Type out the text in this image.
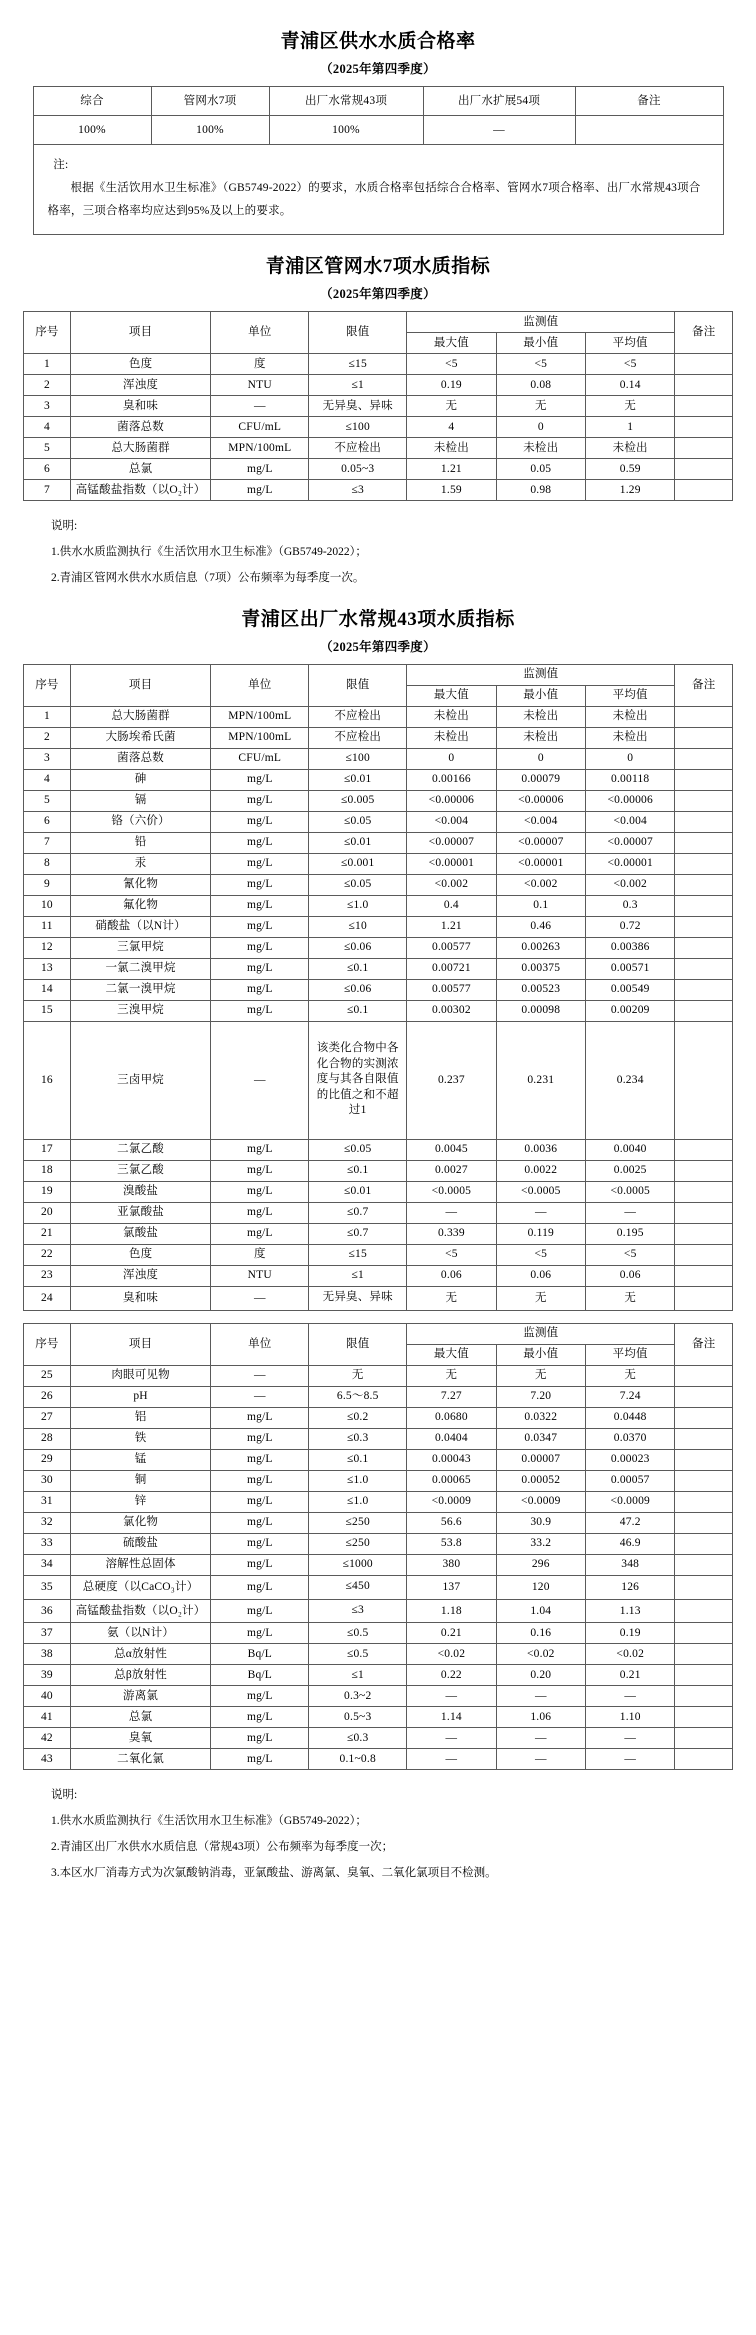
青浦区供水水质合格率
（2025年第四季度）
综合	管网水7项	出厂水常规43项	出厂水扩展54项	备注
100%	100%	100%	—	

注:
根据《生活饮用水卫生标准》（GB5749-2022）的要求，水质合格率包括综合合格率、管网水7项合格率、出厂水常规43项合格率，三项合格率均应达到95%及以上的要求。				
青浦区管网水7项水质指标
（2025年第四季度）
序号	项目	单位	限值	监测值			备注
				最大值	最小值	平均值	
1	色度	度	≤15	<5	<5	<5	
2	浑浊度	NTU	≤1	0.19	0.08	0.14	
3	臭和味	—	无异臭、异味	无	无	无	
4	菌落总数	CFU/mL	≤100	4	0	1	
5	总大肠菌群	MPN/100mL	不应检出	未检出	未检出	未检出	
6	总氯	mg/L	0.05~3	1.21	0.05	0.59	
7	高锰酸盐指数（以O₂计）	mg/L	≤3	1.59	0.98	1.29	
说明:
1.供水水质监测执行《生活饮用水卫生标准》（GB5749-2022）；
2.青浦区管网水供水水质信息（7项）公布频率为每季度一次。
青浦区出厂水常规43项水质指标
（2025年第四季度）
序号	项目	单位	限值	监测值			备注
				最大值	最小值	平均值	
1	总大肠菌群	MPN/100mL	不应检出	未检出	未检出	未检出	
2	大肠埃希氏菌	MPN/100mL	不应检出	未检出	未检出	未检出	
3	菌落总数	CFU/mL	≤100	0	0	0	
4	砷	mg/L	≤0.01	0.00166	0.00079	0.00118	
5	镉	mg/L	≤0.005	<0.00006	<0.00006	<0.00006	
6	铬（六价）	mg/L	≤0.05	<0.004	<0.004	<0.004	
7	铅	mg/L	≤0.01	<0.00007	<0.00007	<0.00007	
8	汞	mg/L	≤0.001	<0.00001	<0.00001	<0.00001	
9	氰化物	mg/L	≤0.05	<0.002	<0.002	<0.002	
10	氟化物	mg/L	≤1.0	0.4	0.1	0.3	
11	硝酸盐（以N计）	mg/L	≤10	1.21	0.46	0.72	
12	三氯甲烷	mg/L	≤0.06	0.00577	0.00263	0.00386	
13	一氯二溴甲烷	mg/L	≤0.1	0.00721	0.00375	0.00571	
14	二氯一溴甲烷	mg/L	≤0.06	0.00577	0.00523	0.00549	
15	三溴甲烷	mg/L	≤0.1	0.00302	0.00098	0.00209	
16	三卤甲烷	—	该类化合物中各化合物的实测浓度与其各自限值的比值之和不超过1	0.237	0.231	0.234	
17	二氯乙酸	mg/L	≤0.05	0.0045	0.0036	0.0040	
18	三氯乙酸	mg/L	≤0.1	0.0027	0.0022	0.0025	
19	溴酸盐	mg/L	≤0.01	<0.0005	<0.0005	<0.0005	
20	亚氯酸盐	mg/L	≤0.7	—	—	—	
21	氯酸盐	mg/L	≤0.7	0.339	0.119	0.195	
22	色度	度	≤15	<5	<5	<5	
23	浑浊度	NTU	≤1	0.06	0.06	0.06	
24	臭和味	—	无异臭、异味	无	无	无	
序号	项目	单位	限值	监测值			备注
				最大值	最小值	平均值	
25	肉眼可见物	—	无	无	无	无	
26	pH	—	6.5～8.5	7.27	7.20	7.24	
27	铝	mg/L	≤0.2	0.0680	0.0322	0.0448	
28	铁	mg/L	≤0.3	0.0404	0.0347	0.0370	
29	锰	mg/L	≤0.1	0.00043	0.00007	0.00023	
30	铜	mg/L	≤1.0	0.00065	0.00052	0.00057	
31	锌	mg/L	≤1.0	<0.0009	<0.0009	<0.0009	
32	氯化物	mg/L	≤250	56.6	30.9	47.2	
33	硫酸盐	mg/L	≤250	53.8	33.2	46.9	
34	溶解性总固体	mg/L	≤1000	380	296	348	
35	总硬度（以CaCO₃计）	mg/L	≤450	137	120	126	
36	高锰酸盐指数（以O₂计）	mg/L	≤3	1.18	1.04	1.13	
37	氨（以N计）	mg/L	≤0.5	0.21	0.16	0.19	
38	总α放射性	Bq/L	≤0.5	<0.02	<0.02	<0.02	
39	总β放射性	Bq/L	≤1	0.22	0.20	0.21	
40	游离氯	mg/L	0.3~2	—	—	—	
41	总氯	mg/L	0.5~3	1.14	1.06	1.10	
42	臭氧	mg/L	≤0.3	—	—	—	
43	二氧化氯	mg/L	0.1~0.8	—	—	—	
说明:
1.供水水质监测执行《生活饮用水卫生标准》（GB5749-2022）；
2.青浦区出厂水供水水质信息（常规43项）公布频率为每季度一次；
3.本区水厂消毒方式为次氯酸钠消毒，亚氯酸盐、游离氯、臭氧、二氧化氯项目不检测。
